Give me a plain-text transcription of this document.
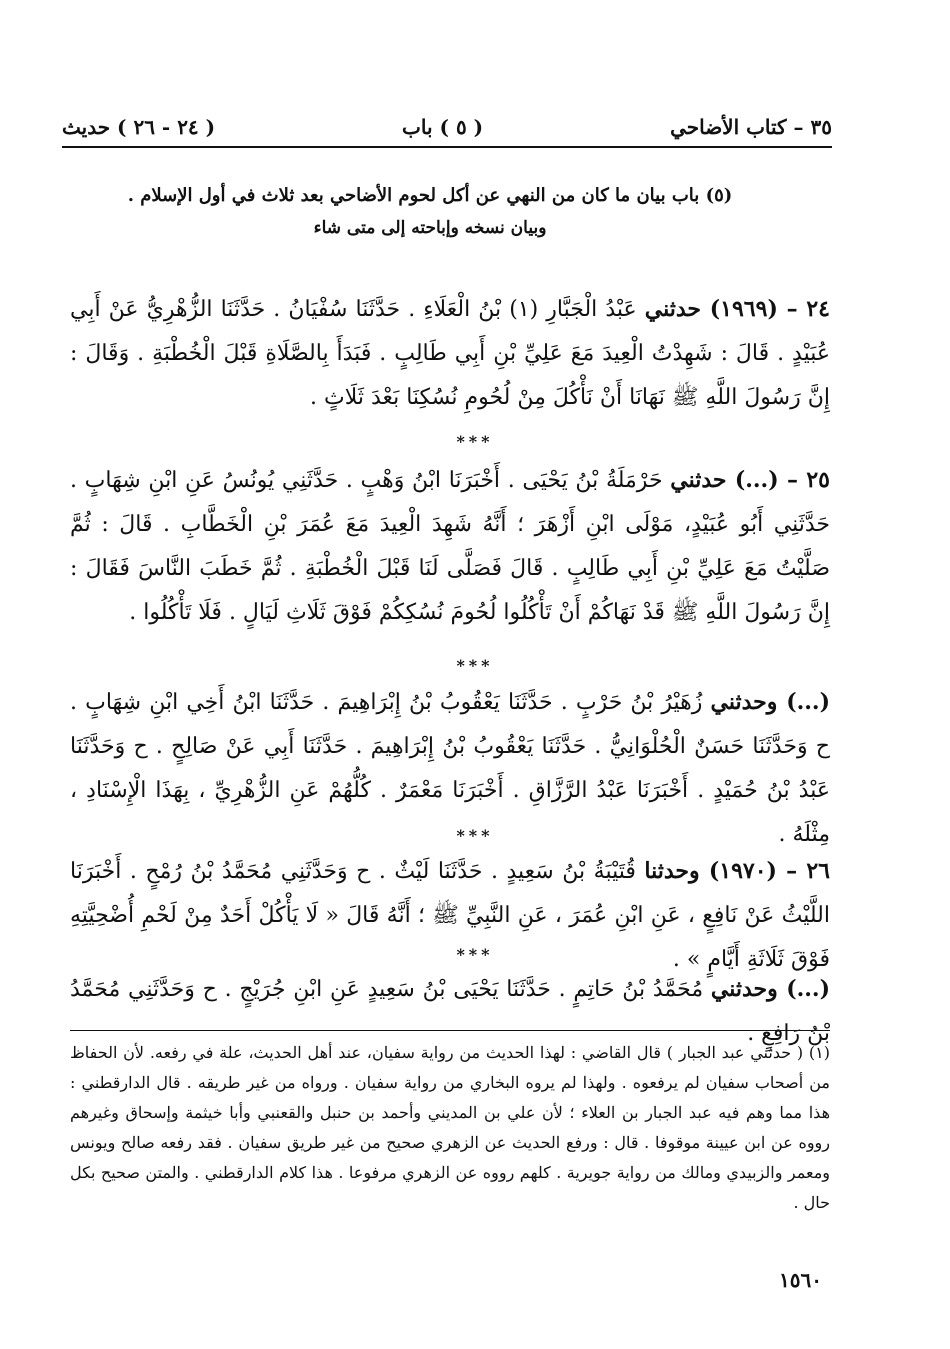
٣٥ – كتاب الأضاحي
( ٥ ) باب
( ٢٤ - ٢٦ ) حديث
(٥) باب بيان ما كان من النهي عن أكل لحوم الأضاحي بعد ثلاث في أول الإسلام .
وبيان نسخه وإباحته إلى متى شاء
٢٤ – (١٩٦٩) حدثني عَبْدُ الْجَبَّارِ (١) بْنُ الْعَلَاءِ . حَدَّثَنَا سُفْيَانُ . حَدَّثَنَا الزُّهْرِيُّ عَنْ أَبِي عُبَيْدٍ . قَالَ : شَهِدْتُ الْعِيدَ مَعَ عَلِيِّ بْنِ أَبِي طَالِبٍ . فَبَدَأَ بِالصَّلَاةِ قَبْلَ الْخُطْبَةِ . وَقَالَ : إِنَّ رَسُولَ اللَّهِ ﷺ نَهَانَا أَنْ نَأْكُلَ مِنْ لُحُومِ نُسُكِنَا بَعْدَ ثَلَاثٍ .
***
٢٥ – (...) حدثني حَرْمَلَةُ بْنُ يَحْيَى . أَخْبَرَنَا ابْنُ وَهْبٍ . حَدَّثَنِي يُونُسُ عَنِ ابْنِ شِهَابٍ . حَدَّثَنِي أَبُو عُبَيْدٍ، مَوْلَى ابْنِ أَزْهَرَ ؛ أَنَّهُ شَهِدَ الْعِيدَ مَعَ عُمَرَ بْنِ الْخَطَّابِ . قَالَ : ثُمَّ صَلَّيْتُ مَعَ عَلِيِّ بْنِ أَبِي طَالِبٍ . قَالَ فَصَلَّى لَنَا قَبْلَ الْخُطْبَةِ . ثُمَّ خَطَبَ النَّاسَ فَقَالَ : إِنَّ رَسُولَ اللَّهِ ﷺ قَدْ نَهَاكُمْ أَنْ تَأْكُلُوا لُحُومَ نُسُكِكُمْ فَوْقَ ثَلَاثِ لَيَالٍ . فَلَا تَأْكُلُوا .
***
(...) وحدثني زُهَيْرُ بْنُ حَرْبٍ . حَدَّثَنَا يَعْقُوبُ بْنُ إِبْرَاهِيمَ . حَدَّثَنَا ابْنُ أَخِي ابْنِ شِهَابٍ . ح وَحَدَّثَنَا حَسَنٌ الْحُلْوَانِيُّ . حَدَّثَنَا يَعْقُوبُ بْنُ إِبْرَاهِيمَ . حَدَّثَنَا أَبِي عَنْ صَالِحٍ . ح وَحَدَّثَنَا عَبْدُ بْنُ حُمَيْدٍ . أَخْبَرَنَا عَبْدُ الرَّزَّاقِ . أَخْبَرَنَا مَعْمَرٌ . كُلُّهُمْ عَنِ الزُّهْرِيِّ ، بِهَذَا الْإِسْنَادِ ، مِثْلَهُ .
***
٢٦ – (١٩٧٠) وحدثنا قُتَيْبَةُ بْنُ سَعِيدٍ . حَدَّثَنَا لَيْثٌ . ح وَحَدَّثَنِي مُحَمَّدُ بْنُ رُمْحٍ . أَخْبَرَنَا اللَّيْثُ عَنْ نَافِعٍ ، عَنِ ابْنِ عُمَرَ ، عَنِ النَّبِيِّ ﷺ ؛ أَنَّهُ قَالَ « لَا يَأْكُلْ أَحَدٌ مِنْ لَحْمِ أُضْحِيَّتِهِ فَوْقَ ثَلَاثَةِ أَيَّامٍ » .
***
(...) وحدثني مُحَمَّدُ بْنُ حَاتِمٍ . حَدَّثَنَا يَحْيَى بْنُ سَعِيدٍ عَنِ ابْنِ جُرَيْجٍ . ح وَحَدَّثَنِي مُحَمَّدُ بْنُ رَافِعٍ .
(١) ( حدثني عبد الجبار ) قال القاضي : لهذا الحديث من رواية سفيان، عند أهل الحديث، علة في رفعه. لأن الحفاظ من أصحاب سفيان لم يرفعوه . ولهذا لم يروه البخاري من رواية سفيان . ورواه من غير طريقه . قال الدارقطني : هذا مما وهم فيه عبد الجبار بن العلاء ؛ لأن علي بن المديني وأحمد بن حنبل والقعنبي وأبا خيثمة وإسحاق وغيرهم رووه عن ابن عيينة موقوفا . قال : ورفع الحديث عن الزهري صحيح من غير طريق سفيان . فقد رفعه صالح ويونس ومعمر والزبيدي ومالك من رواية جويرية . كلهم رووه عن الزهري مرفوعا . هذا كلام الدارقطني . والمتن صحيح بكل حال .
١٥٦٠
